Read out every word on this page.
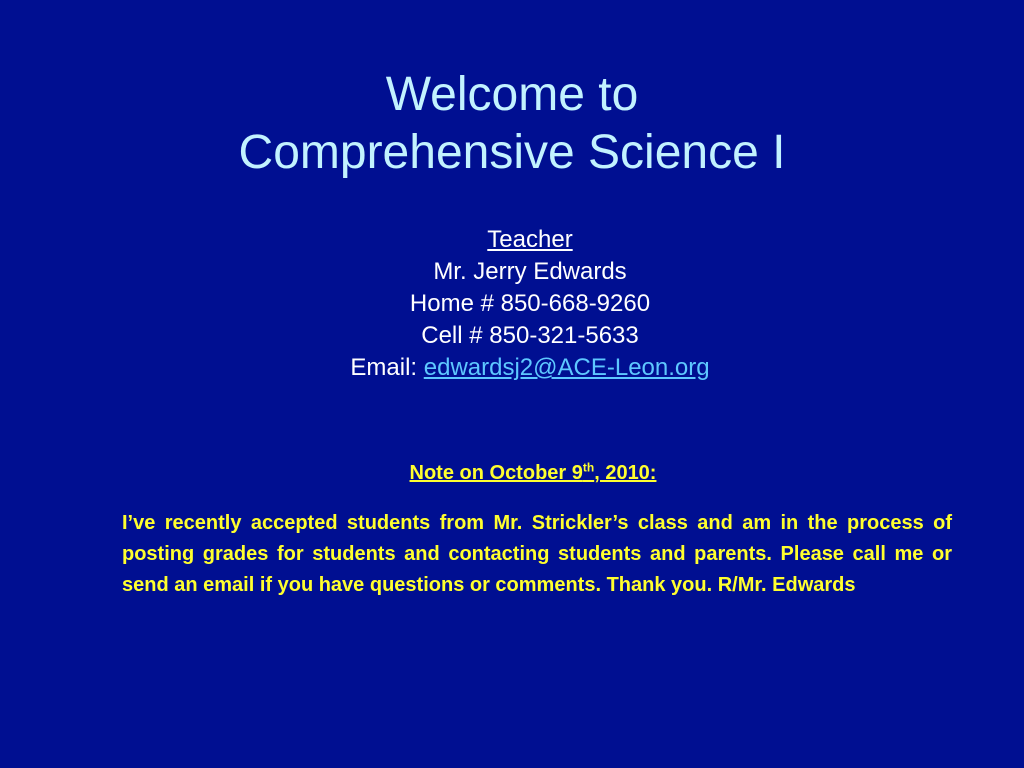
Welcome to
Comprehensive Science I
Teacher
Mr. Jerry Edwards
Home # 850-668-9260
Cell # 850-321-5633
Email: edwardsj2@ACE-Leon.org
Note on October 9th, 2010:
I’ve recently accepted students from Mr. Strickler’s class and am in the process of posting grades for students and contacting students and parents. Please call me or send an email if you have questions or comments. Thank you. R/Mr. Edwards
